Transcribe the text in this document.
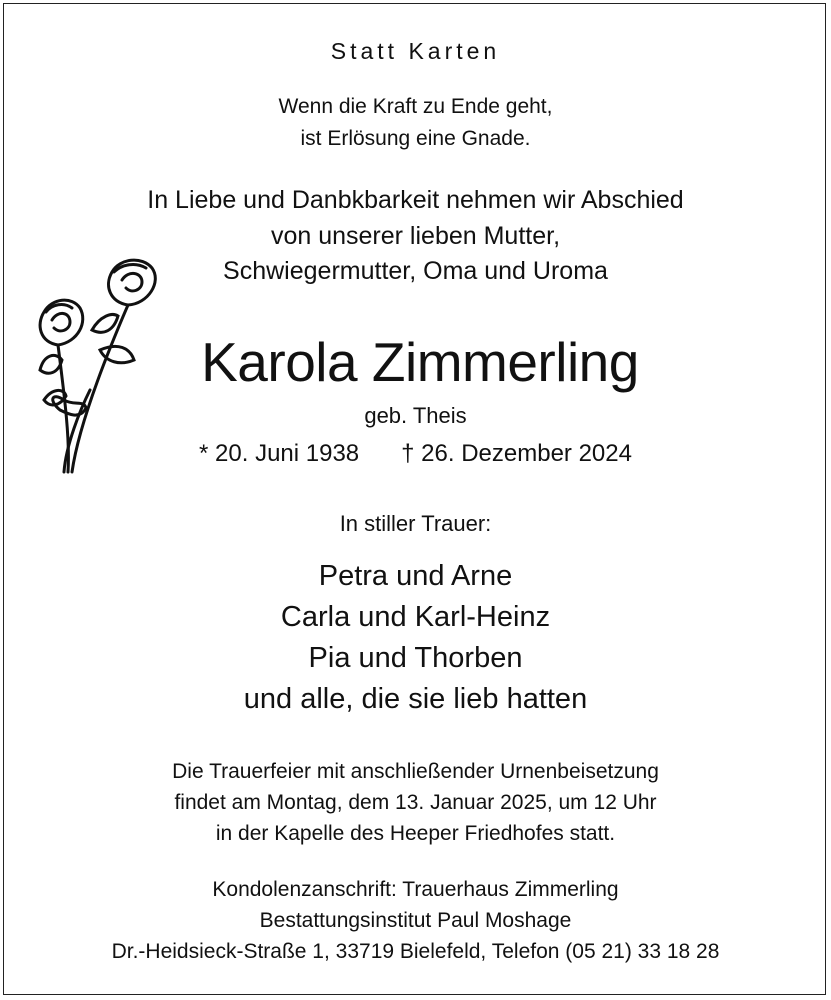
Statt Karten
Wenn die Kraft zu Ende geht,
ist Erlösung eine Gnade.
In Liebe und Danbkbarkeit nehmen wir Abschied
von unserer lieben Mutter,
Schwiegermutter, Oma und Uroma
Karola Zimmerling
geb. Theis
* 20. Juni 1938 † 26. Dezember 2024
In stiller Trauer:
Petra und Arne
Carla und Karl-Heinz
Pia und Thorben
und alle, die sie lieb hatten
Die Trauerfeier mit anschließender Urnenbeisetzung
findet am Montag, dem 13. Januar 2025, um 12 Uhr
in der Kapelle des Heeper Friedhofes statt.
Kondolenzanschrift: Trauerhaus Zimmerling
Bestattungsinstitut Paul Moshage
Dr.-Heidsieck-Straße 1, 33719 Bielefeld, Telefon (05 21) 33 18 28
